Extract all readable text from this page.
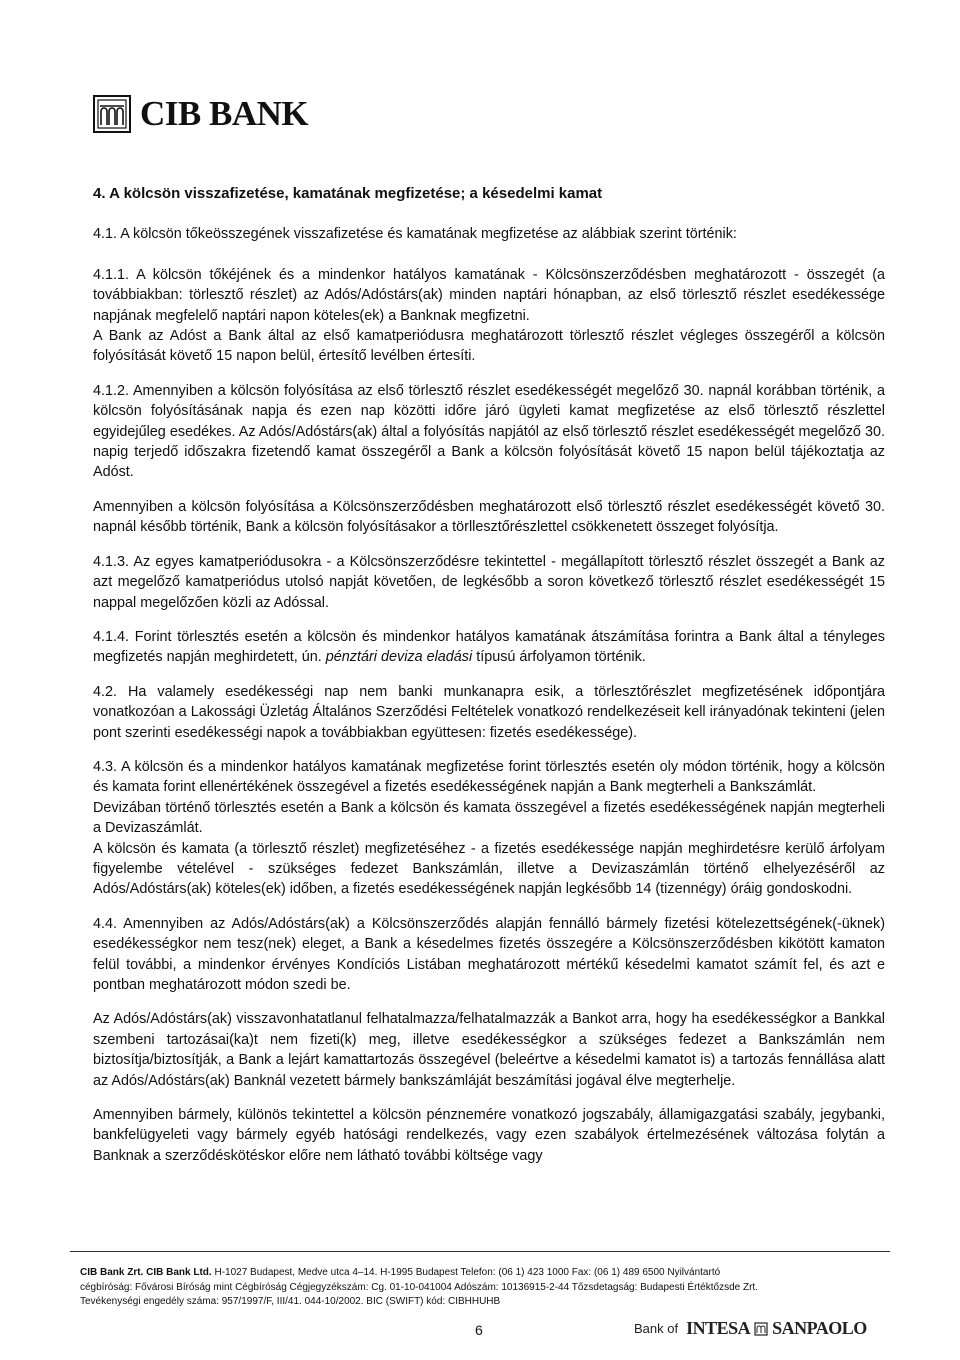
CIB BANK

4. A kölcsön visszafizetése, kamatának megfizetése; a késedelmi kamat

4.1. A kölcsön tőkeösszegének visszafizetése és kamatának megfizetése az alábbiak szerint történik:

4.1.1. A kölcsön tőkéjének és a mindenkor hatályos kamatának - Kölcsönszerződésben meghatározott - összegét (a továbbiakban: törlesztő részlet) az Adós/Adóstárs(ak) minden naptári hónapban, az első törlesztő részlet esedékessége napjának megfelelő naptári napon köteles(ek) a Banknak megfizetni.

A Bank az Adóst a Bank által az első kamatperiódusra meghatározott törlesztő részlet végleges összegéről a kölcsön folyósítását követő 15 napon belül, értesítő levélben értesíti.

4.1.2. Amennyiben a kölcsön folyósítása az első törlesztő részlet esedékességét megelőző 30. napnál korábban történik, a kölcsön folyósításának napja és ezen nap közötti időre járó ügyleti kamat megfizetése az első törlesztő részlettel egyidejűleg esedékes. Az Adós/Adóstárs(ak) által a folyósítás napjától az első törlesztő részlet esedékességét megelőző 30. napig terjedő időszakra fizetendő kamat összegéről a Bank a kölcsön folyósítását követő 15 napon belül tájékoztatja az Adóst.

Amennyiben a kölcsön folyósítása a Kölcsönszerződésben meghatározott első törlesztő részlet esedékességét követő 30. napnál később történik, Bank a kölcsön folyósításakor a törllesztőrészlettel csökkenetett összeget folyósítja.

4.1.3. Az egyes kamatperiódusokra - a Kölcsönszerződésre tekintettel - megállapított törlesztő részlet összegét a Bank az azt megelőző kamatperiódus utolsó napját követően, de legkésőbb a soron következő törlesztő részlet esedékességét 15 nappal megelőzően közli az Adóssal.

4.1.4. Forint törlesztés esetén a kölcsön és mindenkor hatályos kamatának átszámítása forintra a Bank által a tényleges megfizetés napján meghirdetett, ún. pénztári deviza eladási típusú árfolyamon történik.

4.2. Ha valamely esedékességi nap nem banki munkanapra esik, a törlesztőrészlet megfizetésének időpontjára vonatkozóan a Lakossági Üzletág Általános Szerződési Feltételek vonatkozó rendelkezéseit kell irányadónak tekinteni (jelen pont szerinti esedékességi napok a továbbiakban együttesen: fizetés esedékessége).

4.3. A kölcsön és a mindenkor hatályos kamatának megfizetése forint törlesztés esetén oly módon történik, hogy a kölcsön és kamata forint ellenértékének összegével a fizetés esedékességének napján a Bank megterheli a Bankszámlát.

Devizában történő törlesztés esetén a Bank a kölcsön és kamata összegével a fizetés esedékességének napján megterheli a Devizaszámlát.

A kölcsön és kamata (a törlesztő részlet) megfizetéséhez - a fizetés esedékessége napján meghirdetésre kerülő árfolyam figyelembe vételével - szükséges fedezet Bankszámlán, illetve a Devizaszámlán történő elhelyezéséről az Adós/Adóstárs(ak) köteles(ek) időben, a fizetés esedékességének napján legkésőbb 14 (tizennégy) óráig gondoskodni.

4.4. Amennyiben az Adós/Adóstárs(ak) a Kölcsönszerződés alapján fennálló bármely fizetési kötelezettségének(-üknek) esedékességkor nem tesz(nek) eleget, a Bank a késedelmes fizetés összegére a Kölcsönszerződésben kikötött kamaton felül további, a mindenkor érvényes Kondíciós Listában meghatározott mértékű késedelmi kamatot számít fel, és azt e pontban meghatározott módon szedi be.

Az Adós/Adóstárs(ak) visszavonhatatlanul felhatalmazza/felhatalmazzák a Bankot arra, hogy ha esedékességkor a Bankkal szembeni tartozásai(ka)t nem fizeti(k) meg, illetve esedékességkor a szükséges fedezet a Bankszámlán nem biztosítja/biztosítják, a Bank a lejárt kamattartozás összegével (beleértve a késedelmi kamatot is) a tartozás fennállása alatt az Adós/Adóstárs(ak) Banknál vezetett bármely bankszámláját beszámítási jogával élve megterhelje.

Amennyiben bármely, különös tekintettel a kölcsön pénznemére vonatkozó jogszabály, államigazgatási szabály, jegybanki, bankfelügyeleti vagy bármely egyéb hatósági rendelkezés, vagy ezen szabályok értelmezésének változása folytán a Banknak a szerződéskötéskor előre nem látható további költsége vagy

CIB Bank Zrt. CIB Bank Ltd. H-1027 Budapest, Medve utca 4–14. H-1995 Budapest Telefon: (06 1) 423 1000 Fax: (06 1) 489 6500 Nyilvántartó
cégbíróság: Fővárosi Bíróság mint Cégbíróság Cégjegyzékszám: Cg. 01-10-041004 Adószám: 10136915-2-44 Tőzsdetagság: Budapesti Értéktőzsde Zrt.
Tevékenységi engedély száma: 957/1997/F, III/41. 044-10/2002. BIC (SWIFT) kód: CIBHHUHB
6	Bank of INTESA SANPAOLO
